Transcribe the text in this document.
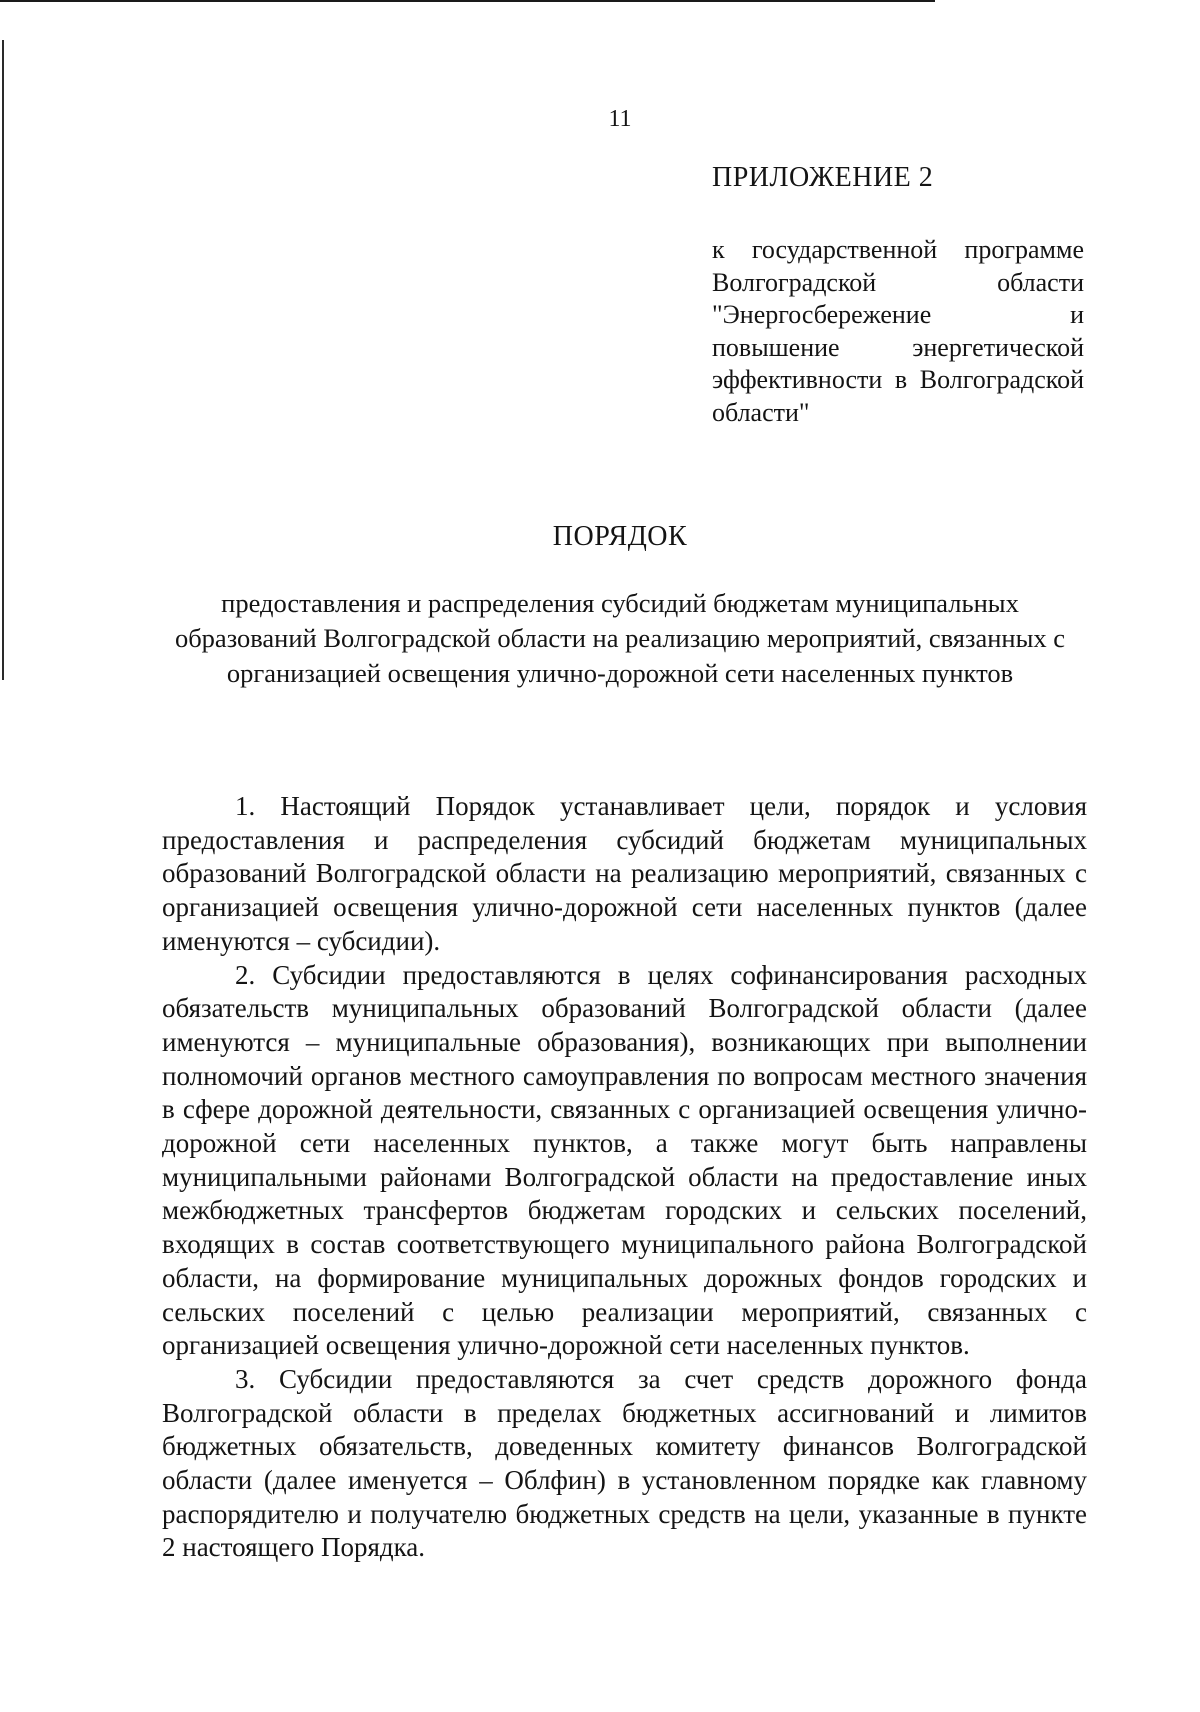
11
ПРИЛОЖЕНИЕ 2
к государственной программе Волгоградской области "Энергосбережение и повышение энергетической эффективности в Волгоградской области"
ПОРЯДОК
предоставления и распределения субсидий бюджетам муниципальных образований Волгоградской области на реализацию мероприятий, связанных с организацией освещения улично-дорожной сети населенных пунктов

1. Настоящий Порядок устанавливает цели, порядок и условия предоставления и распределения субсидий бюджетам муниципальных образований Волгоградской области на реализацию мероприятий, связанных с организацией освещения улично-дорожной сети населенных пунктов (далее именуются – субсидии).

2. Субсидии предоставляются в целях софинансирования расходных обязательств муниципальных образований Волгоградской области (далее именуются – муниципальные образования), возникающих при выполнении полномочий органов местного самоуправления по вопросам местного значения в сфере дорожной деятельности, связанных с организацией освещения улично-дорожной сети населенных пунктов, а также могут быть направлены муниципальными районами Волгоградской области на предоставление иных межбюджетных трансфертов бюджетам городских и сельских поселений, входящих в состав соответствующего муниципального района Волгоградской области, на формирование муниципальных дорожных фондов городских и сельских поселений с целью реализации мероприятий, связанных с организацией освещения улично-дорожной сети населенных пунктов.

3. Субсидии предоставляются за счет средств дорожного фонда Волгоградской области в пределах бюджетных ассигнований и лимитов бюджетных обязательств, доведенных комитету финансов Волгоградской области (далее именуется – Облфин) в установленном порядке как главному распорядителю и получателю бюджетных средств на цели, указанные в пункте 2 настоящего Порядка.
